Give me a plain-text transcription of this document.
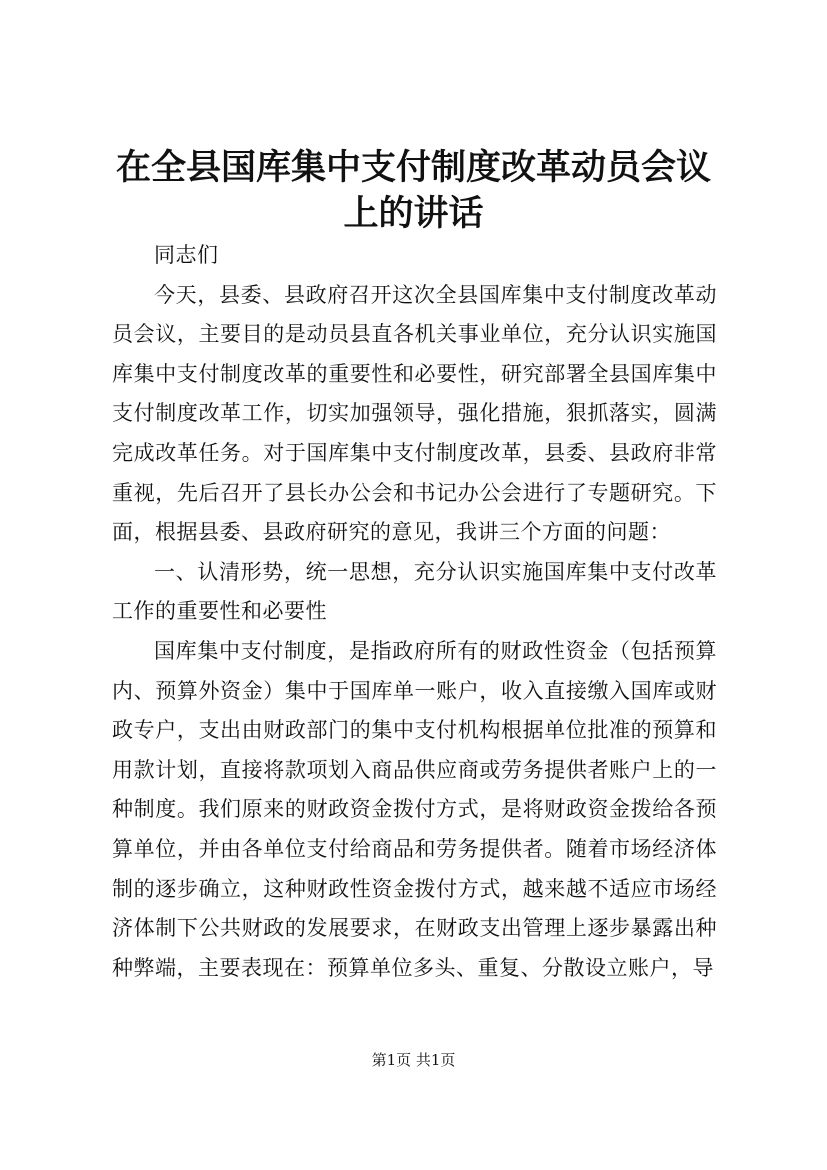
在全县国库集中支付制度改革动员会议上的讲话

同志们

今天，县委、县政府召开这次全县国库集中支付制度改革动员会议，主要目的是动员县直各机关事业单位，充分认识实施国库集中支付制度改革的重要性和必要性，研究部署全县国库集中支付制度改革工作，切实加强领导，强化措施，狠抓落实，圆满完成改革任务。对于国库集中支付制度改革，县委、县政府非常重视，先后召开了县长办公会和书记办公会进行了专题研究。下面，根据县委、县政府研究的意见，我讲三个方面的问题：

一、认清形势，统一思想，充分认识实施国库集中支付改革工作的重要性和必要性

国库集中支付制度，是指政府所有的财政性资金（包括预算内、预算外资金）集中于国库单一账户，收入直接缴入国库或财政专户，支出由财政部门的集中支付机构根据单位批准的预算和用款计划，直接将款项划入商品供应商或劳务提供者账户上的一种制度。我们原来的财政资金拨付方式，是将财政资金拨给各预算单位，并由各单位支付给商品和劳务提供者。随着市场经济体制的逐步确立，这种财政性资金拨付方式，越来越不适应市场经济体制下公共财政的发展要求，在财政支出管理上逐步暴露出种种弊端，主要表现在：预算单位多头、重复、分散设立账户，导

第1页 共1页
